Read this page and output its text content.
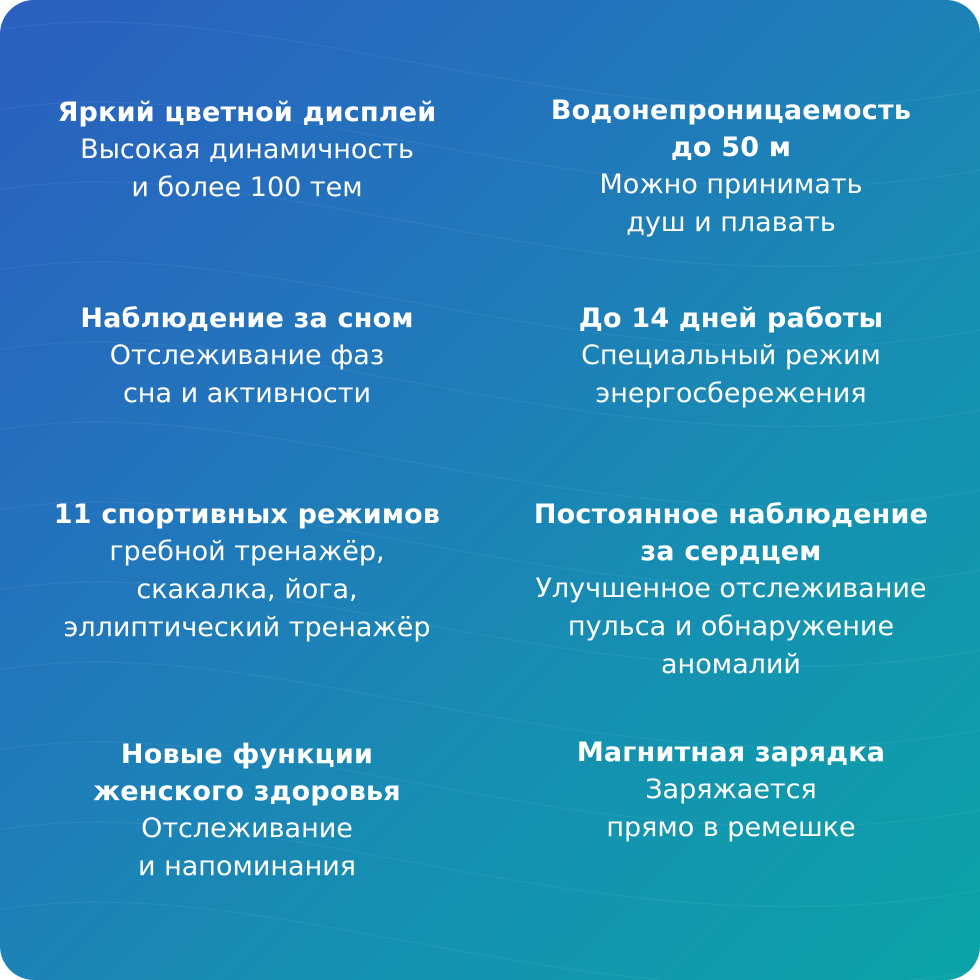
Яркий цветной дисплей
Высокая динамичность
и более 100 тем
Водонепроницаемость
до 50 м
Можно принимать
душ и плавать
Наблюдение за сном
Отслеживание фаз
сна и активности
До 14 дней работы
Специальный режим
энергосбережения
11 спортивных режимов
гребной тренажёр,
скакалка, йога,
эллиптический тренажёр
Постоянное наблюдение
за сердцем
Улучшенное отслеживание
пульса и обнаружение
аномалий
Новые функции
женского здоровья
Отслеживание
и напоминания
Магнитная зарядка
Заряжается
прямо в ремешке
